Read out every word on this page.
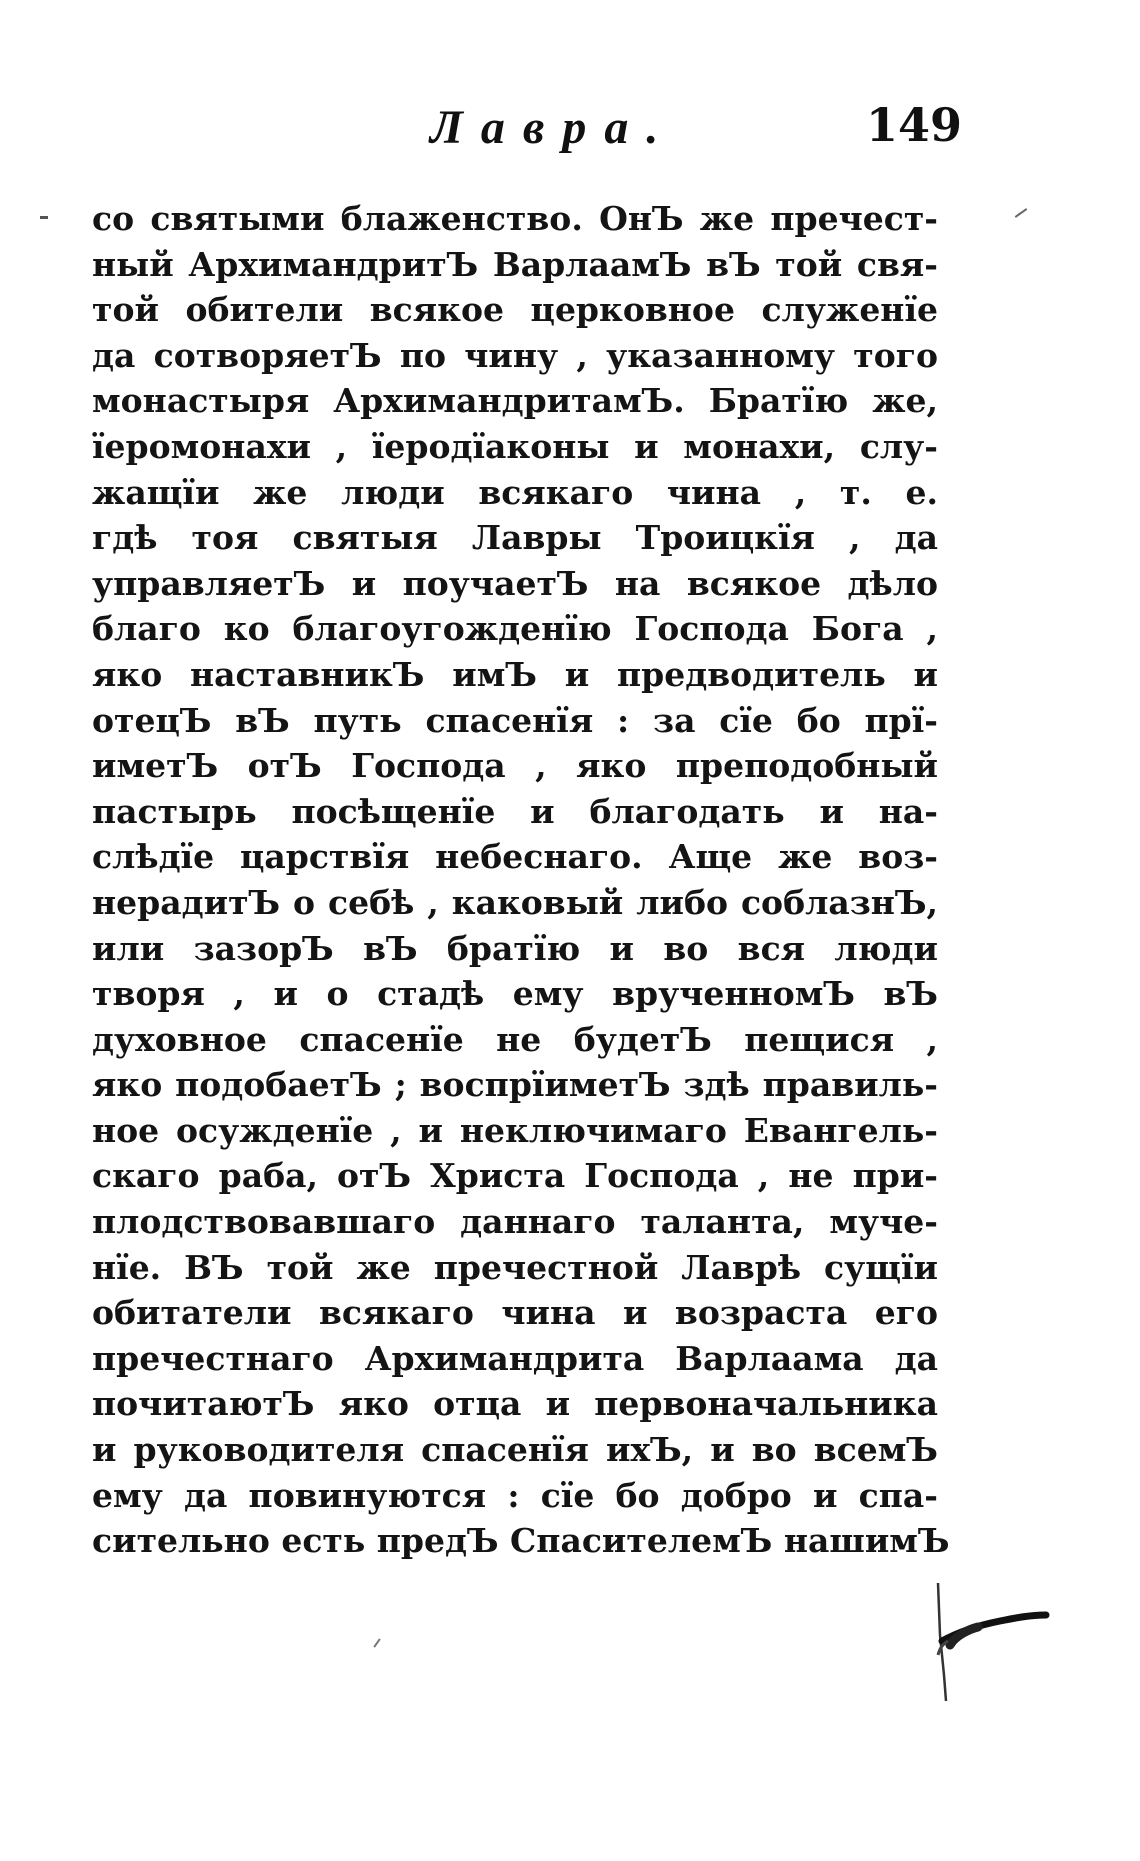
Лавра.	149
со святыми блаженство. ОнЪ же пречест-
ный АрхимандритЪ ВарлаамЪ вЪ той свя-
той обители всякое церковное служенїе
да сотворяетЪ по чину , указанному того
монастыря АрхимандритамЪ. Братїю же,
їеромонахи , їеродїаконы и монахи, слу-
жащїи же люди всякаго чина , т. е.
гдѣ тоя святыя Лавры Троицкїя , да
управляетЪ и поучаетЪ на всякое дѣло
благо ко благоугожденїю Господа Бога ,
яко наставникЪ имЪ и предводитель и
отецЪ вЪ путь спасенїя : за сїе бо прї-
иметЪ отЪ Господа , яко преподобный
пастырь посѣщенїе и благодать и на-
слѣдїе царствїя небеснаго. Аще же воз-
нерадитЪ о себѣ , каковый либо соблазнЪ,
или зазорЪ вЪ братїю и во вся люди
творя , и о стадѣ ему врученномЪ вЪ
духовное спасенїе не будетЪ пещися ,
яко подобаетЪ ; воспрїиметЪ здѣ правиль-
ное осужденїе , и неключимаго Евангель-
скаго раба, отЪ Христа Господа , не при-
плодствовавшаго даннаго таланта, муче-
нїе. ВЪ той же пречестной Лаврѣ сущїи
обитатели всякаго чина и возраста его
пречестнаго Архимандрита Варлаама да
почитаютЪ яко отца и первоначальника
и руководителя спасенїя ихЪ, и во всемЪ
ему да повинуются : сїе бо добро и спа-
сительно есть предЪ СпасителемЪ нашимЪ
